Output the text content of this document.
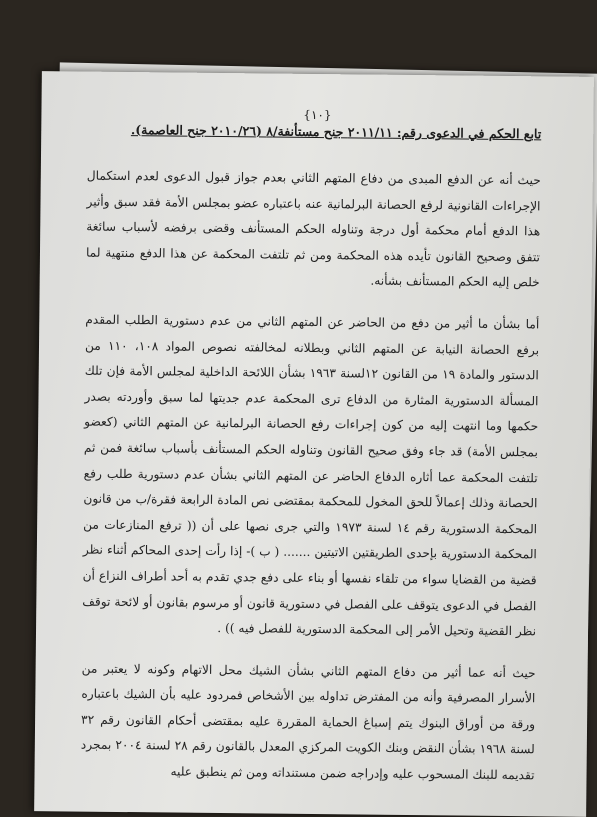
{١٠}
تابع الحكم في الدعوى رقم: ٢٠١١/١١ جنح مستأنفة/٨ (٢٠١٠/٢٦ جنح العاصمة).

حيث أنه عن الدفع المبدى من دفاع المتهم الثاني بعدم جواز قبول الدعوى لعدم استكمال الإجراءات القانونية لرفع الحصانة البرلمانية عنه باعتباره عضو بمجلس الأمة فقد سبق وأثير هذا الدفع أمام محكمة أول درجة وتناوله الحكم المستأنف وقضى برفضه لأسباب سائغة تتفق وصحيح القانون تأيده هذه المحكمة ومن ثم تلتفت المحكمة عن هذا الدفع منتهية لما خلص إليه الحكم المستأنف بشأنه.

أما بشأن ما أثير من دفع من الحاضر عن المتهم الثاني من عدم دستورية الطلب المقدم برفع الحصانة النيابة عن المتهم الثاني وبطلانه لمخالفته نصوص المواد ١٠٨، ١١٠ من الدستور والمادة ١٩ من القانون ١٢لسنة ١٩٦٣ بشأن اللائحة الداخلية لمجلس الأمة فإن تلك المسألة الدستورية المثارة من الدفاع ترى المحكمة عدم جديتها لما سبق وأوردته بصدر حكمها وما انتهت إليه من كون إجراءات رفع الحصانة البرلمانية عن المتهم الثاني (كعضو بمجلس الأمة) قد جاء وفق صحيح القانون وتناوله الحكم المستأنف بأسباب سائغة فمن ثم تلتفت المحكمة عما أثاره الدفاع الحاضر عن المتهم الثاني بشأن عدم دستورية طلب رفع الحصانة وذلك إعمالاً للحق المخول للمحكمة بمقتضى نص المادة الرابعة فقرة/ب من قانون المحكمة الدستورية رقم ١٤ لسنة ١٩٧٣ والتي جرى نصها على أن (( ترفع المنازعات من المحكمة الدستورية بإحدى الطريقتين الاتيتين ....... ( ب )- إذا رأت إحدى المحاكم أثناء نظر قضية من القضايا سواء من تلقاء نفسها أو بناء على دفع جدي تقدم به أحد أطراف النزاع أن الفصل في الدعوى يتوقف على الفصل في دستورية قانون أو مرسوم بقانون أو لائحة توقف نظر القضية وتحيل الأمر إلى المحكمة الدستورية للفصل فيه )) .

حيث أنه عما أثير من دفاع المتهم الثاني بشأن الشيك محل الاتهام وكونه لا يعتبر من الأسرار المصرفية وأنه من المفترض تداوله بين الأشخاص فمردود عليه بأن الشيك باعتباره ورقة من أوراق البنوك يتم إسباغ الحماية المقررة عليه بمقتضى أحكام القانون رقم ٣٢ لسنة ١٩٦٨ بشأن النقض وبنك الكويت المركزي المعدل بالقانون رقم ٢٨ لسنة ٢٠٠٤ بمجرد تقديمه للبنك المسحوب عليه وإدراجه ضمن مستنداته ومن ثم ينطبق عليه
